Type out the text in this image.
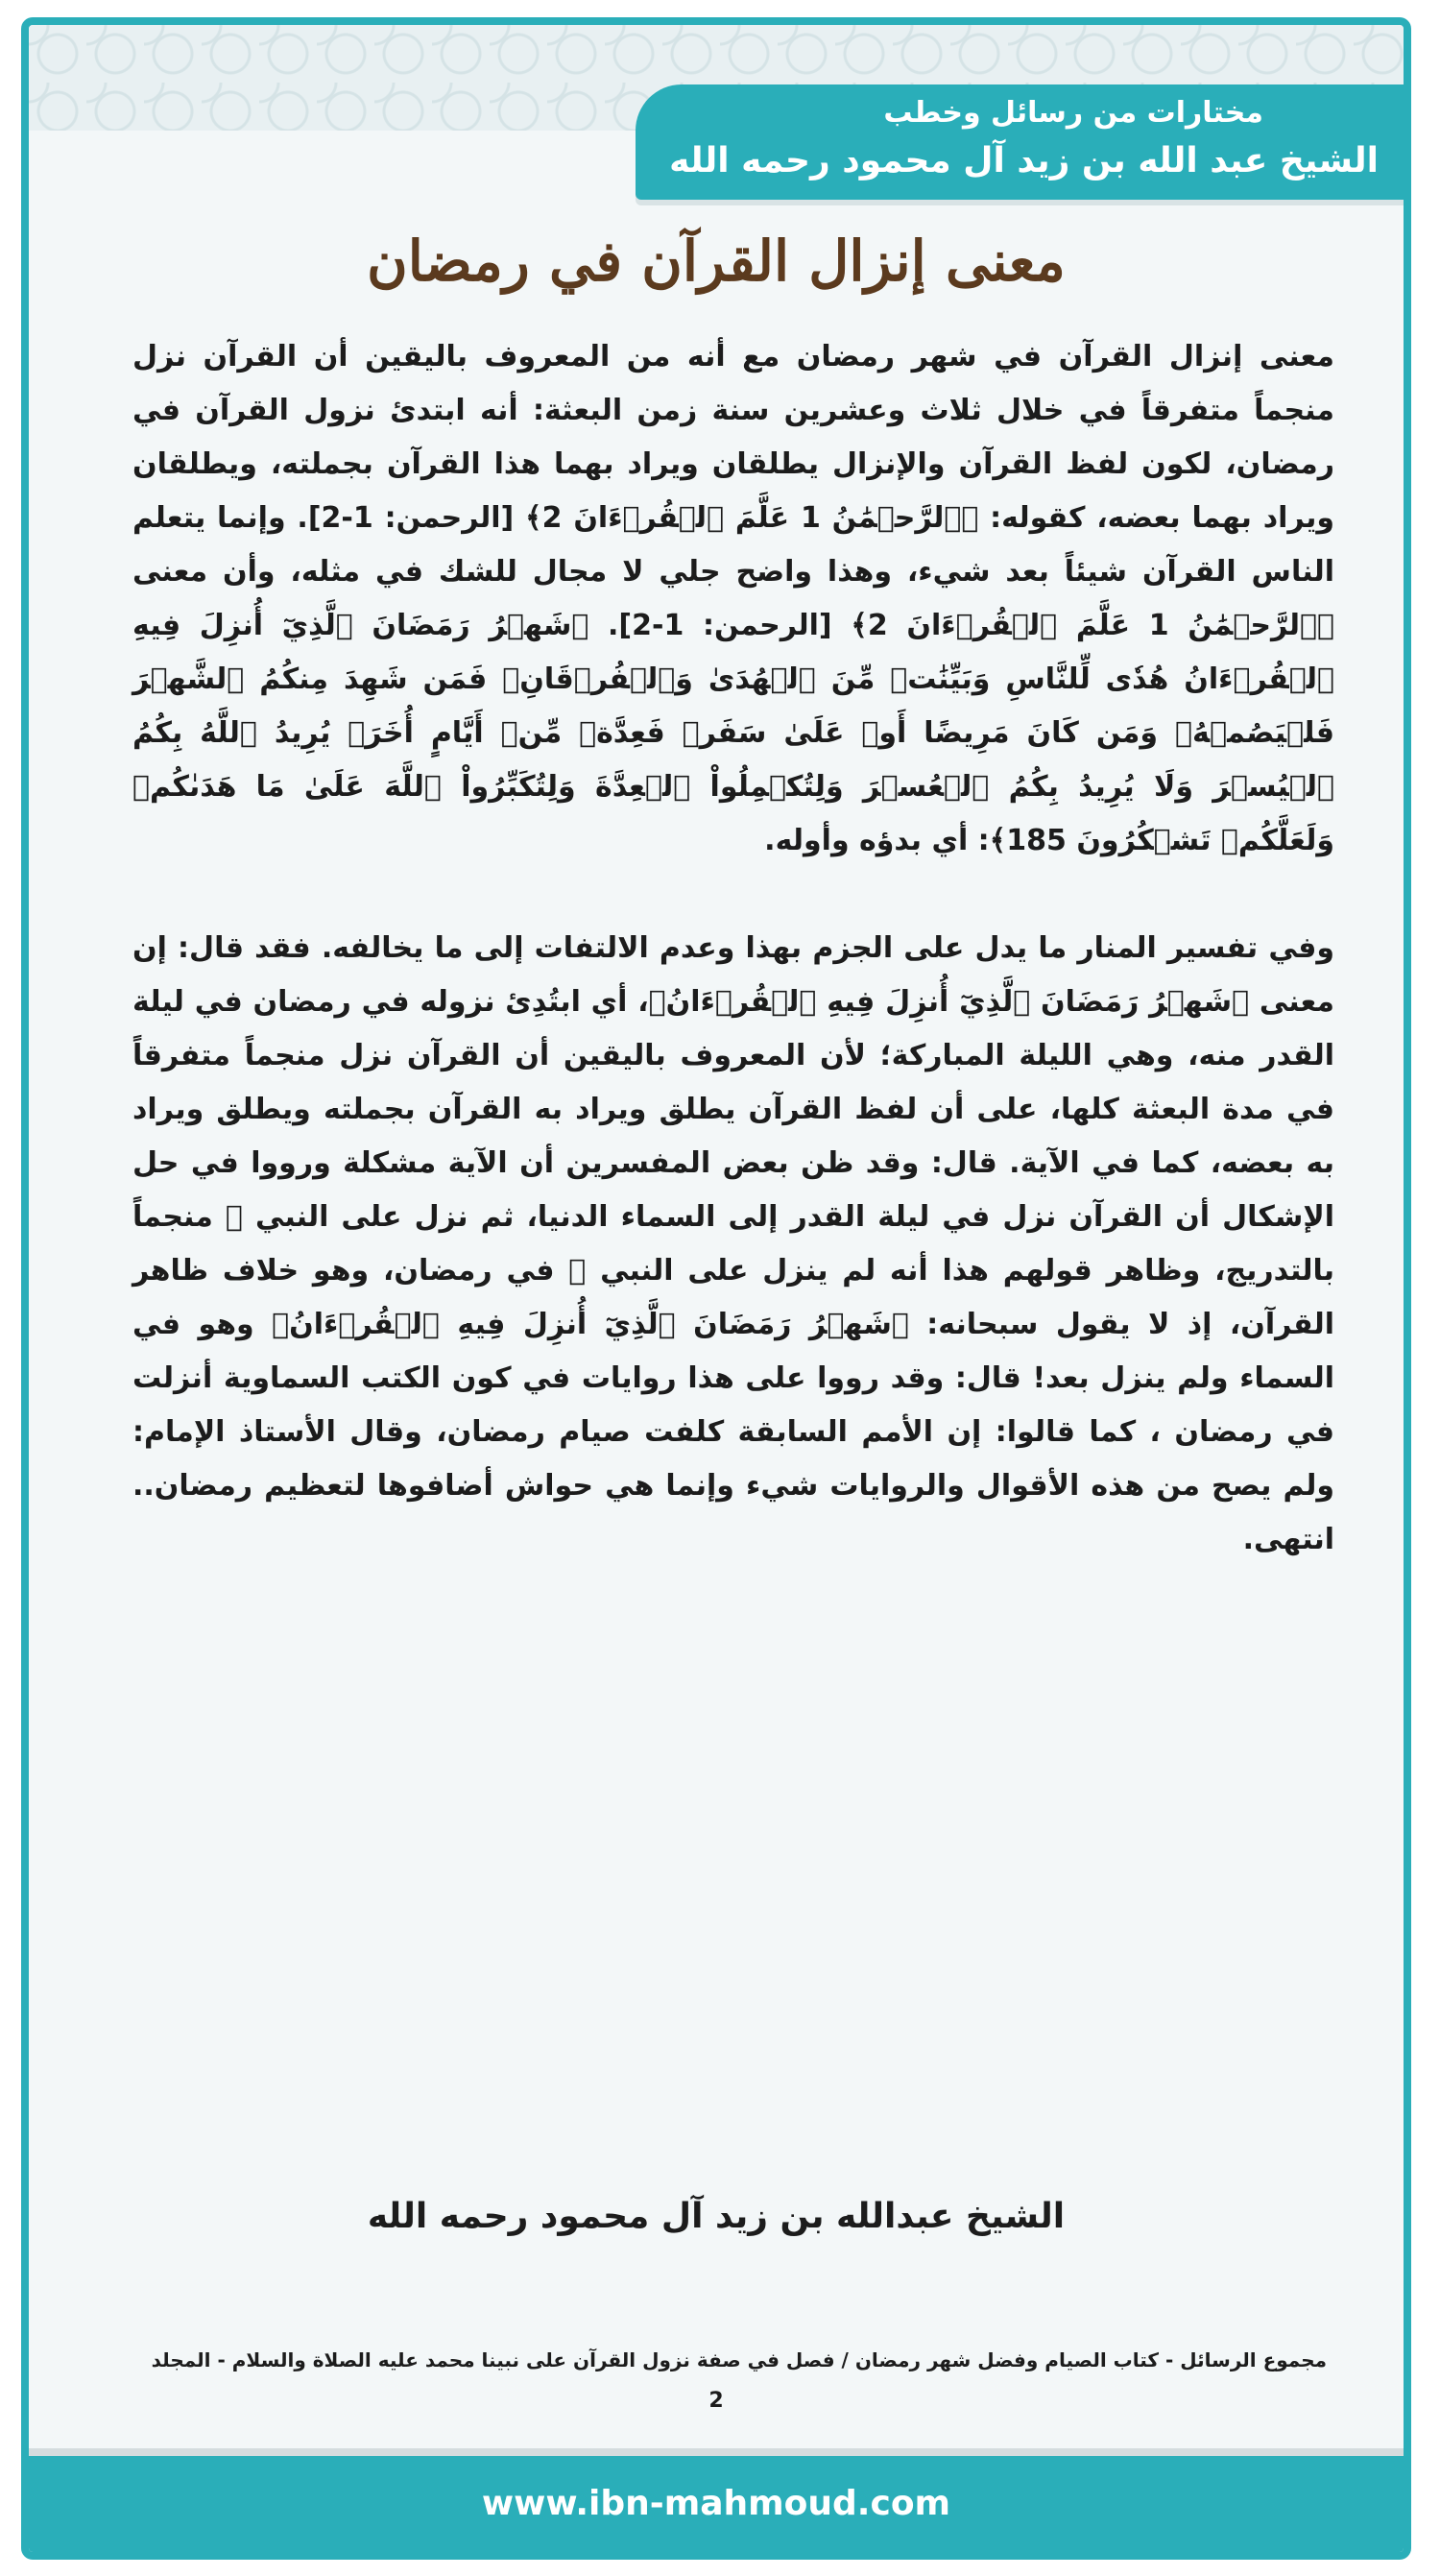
مختارات من رسائل وخطب
الشيخ عبد الله بن زيد آل محمود رحمه الله
معنى إنزال القرآن في رمضان

معنى إنزال القرآن في شهر رمضان مع أنه من المعروف باليقين أن القرآن نزل منجماً متفرقاً في خلال ثلاث وعشرين سنة زمن البعثة: أنه ابتدئ نزول القرآن في رمضان، لكون لفظ القرآن والإنزال يطلقان ويراد بهما هذا القرآن بجملته، ويطلقان ويراد بهما بعضه، كقوله: ﴿ٱلرَّحۡمَٰنُ 1 عَلَّمَ ٱلۡقُرۡءَانَ 2﴾ [الرحمن: 1-2]. وإنما يتعلم الناس القرآن شيئاً بعد شيء، وهذا واضح جلي لا مجال للشك في مثله، وأن معنى ﴿ٱلرَّحۡمَٰنُ 1 عَلَّمَ ٱلۡقُرۡءَانَ 2﴾ [الرحمن: 1-2]. ﴿شَهۡرُ رَمَضَانَ ٱلَّذِيٓ أُنزِلَ فِيهِ ٱلۡقُرۡءَانُ هُدٗى لِّلنَّاسِ وَبَيِّنَٰتٖ مِّنَ ٱلۡهُدَىٰ وَٱلۡفُرۡقَانِۚ فَمَن شَهِدَ مِنكُمُ ٱلشَّهۡرَ فَلۡيَصُمۡهُۖ وَمَن كَانَ مَرِيضًا أَوۡ عَلَىٰ سَفَرٖ فَعِدَّةٞ مِّنۡ أَيَّامٍ أُخَرَۗ يُرِيدُ ٱللَّهُ بِكُمُ ٱلۡيُسۡرَ وَلَا يُرِيدُ بِكُمُ ٱلۡعُسۡرَ وَلِتُكۡمِلُواْ ٱلۡعِدَّةَ وَلِتُكَبِّرُواْ ٱللَّهَ عَلَىٰ مَا هَدَىٰكُمۡ وَلَعَلَّكُمۡ تَشۡكُرُونَ 185﴾: أي بدؤه وأوله.

وفي تفسير المنار ما يدل على الجزم بهذا وعدم الالتفات إلى ما يخالفه. فقد قال: إن معنى ﴿شَهۡرُ رَمَضَانَ ٱلَّذِيٓ أُنزِلَ فِيهِ ٱلۡقُرۡءَانُ﴾، أي ابتُدِئ نزوله في رمضان في ليلة القدر منه، وهي الليلة المباركة؛ لأن المعروف باليقين أن القرآن نزل منجماً متفرقاً في مدة البعثة كلها، على أن لفظ القرآن يطلق ويراد به القرآن بجملته ويطلق ويراد به بعضه، كما في الآية. قال: وقد ظن بعض المفسرين أن الآية مشكلة ورووا في حل الإشكال أن القرآن نزل في ليلة القدر إلى السماء الدنيا، ثم نزل على النبي ﷺ منجماً بالتدريج، وظاهر قولهم هذا أنه لم ينزل على النبي ﷺ في رمضان، وهو خلاف ظاهر القرآن، إذ لا يقول سبحانه: ﴿شَهۡرُ رَمَضَانَ ٱلَّذِيٓ أُنزِلَ فِيهِ ٱلۡقُرۡءَانُ﴾ وهو في السماء ولم ينزل بعد! قال: وقد رووا على هذا روايات في كون الكتب السماوية أنزلت في رمضان ، كما قالوا: إن الأمم السابقة كلفت صيام رمضان، وقال الأستاذ الإمام: ولم يصح من هذه الأقوال والروايات شيء وإنما هي حواش أضافوها لتعظيم رمضان.. انتهى.

الشيخ عبدالله بن زيد آل محمود رحمه الله
مجموع الرسائل - كتاب الصيام وفضل شهر رمضان / فصل في صفة نزول القرآن على نبينا محمد عليه الصلاة والسلام - المجلد
2
www.ibn-mahmoud.com
